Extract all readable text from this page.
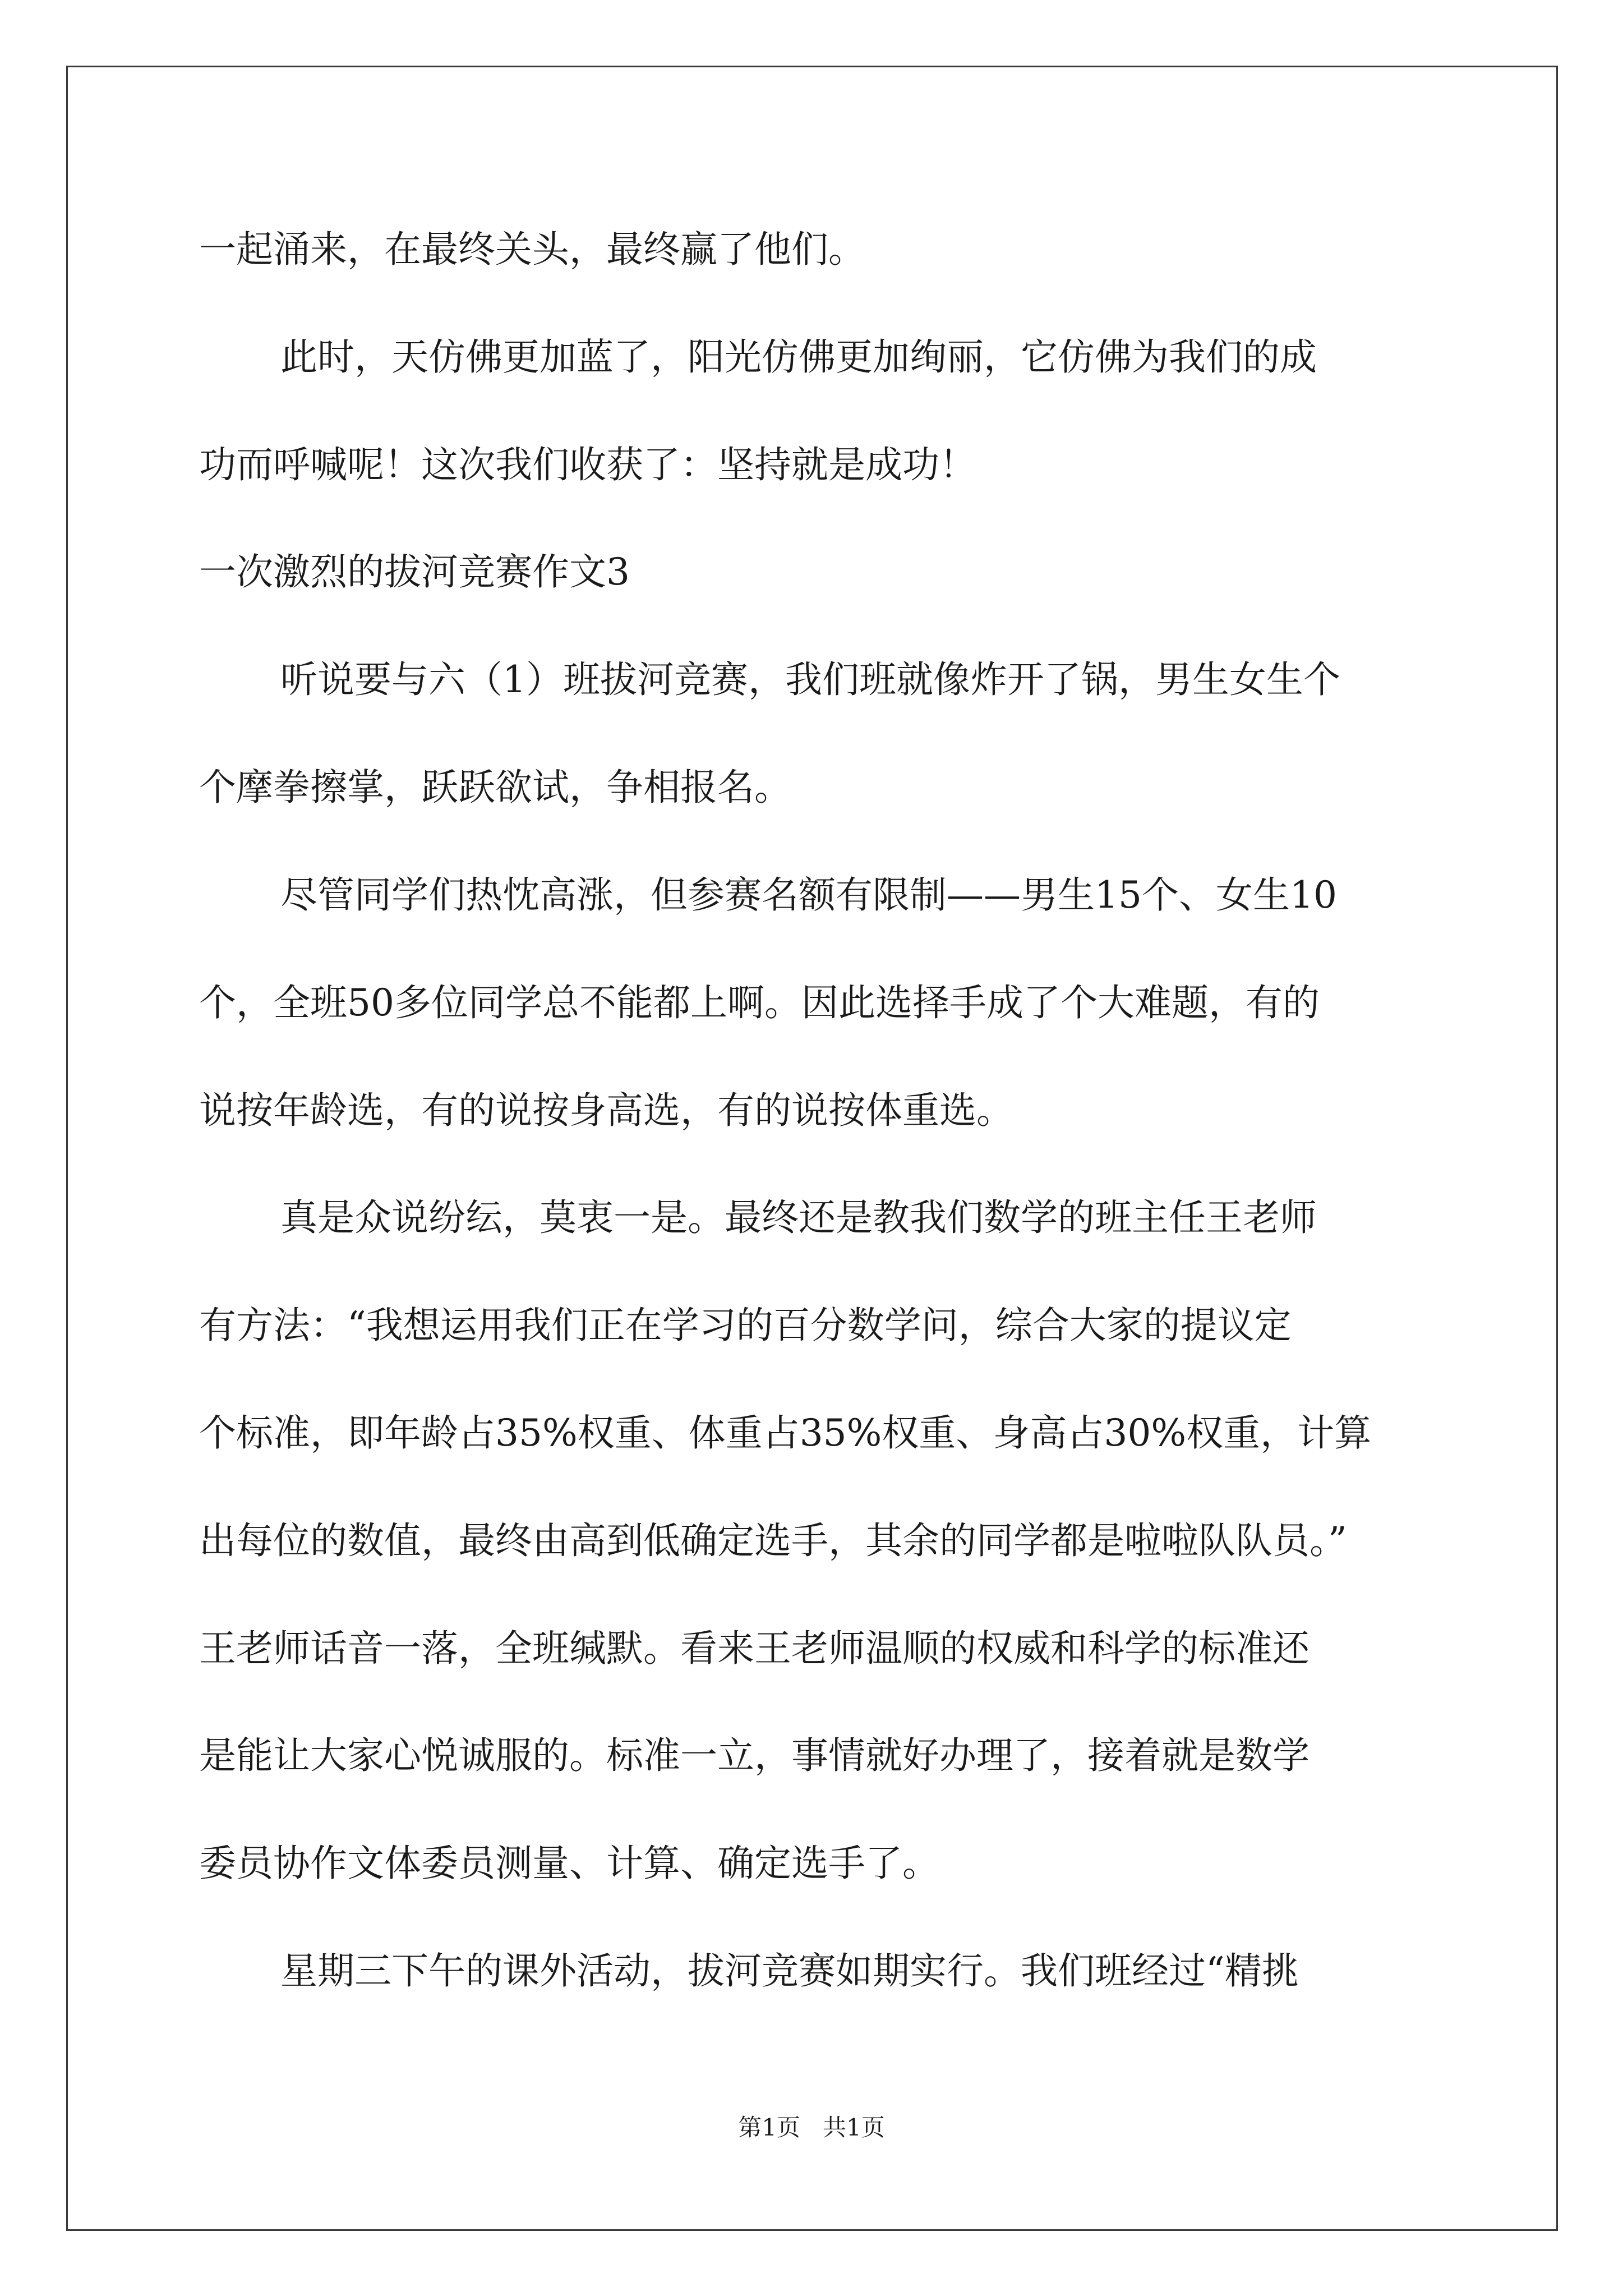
一起涌来，在最终关头，最终赢了他们。
此时，天仿佛更加蓝了，阳光仿佛更加绚丽，它仿佛为我们的成
功而呼喊呢！这次我们收获了：坚持就是成功！
一次激烈的拔河竞赛作文3
听说要与六（1）班拔河竞赛，我们班就像炸开了锅，男生女生个
个摩拳擦掌，跃跃欲试，争相报名。
尽管同学们热忱高涨，但参赛名额有限制——男生15个、女生10
个，全班50多位同学总不能都上啊。因此选择手成了个大难题，有的
说按年龄选，有的说按身高选，有的说按体重选。
真是众说纷纭，莫衷一是。最终还是教我们数学的班主任王老师
有方法：“我想运用我们正在学习的百分数学问，综合大家的提议定
个标准，即年龄占35%权重、体重占35%权重、身高占30%权重，计算
出每位的数值，最终由高到低确定选手，其余的同学都是啦啦队队员。”
王老师话音一落，全班缄默。看来王老师温顺的权威和科学的标准还
是能让大家心悦诚服的。标准一立，事情就好办理了，接着就是数学
委员协作文体委员测量、计算、确定选手了。
星期三下午的课外活动，拔河竞赛如期实行。我们班经过“精挑
第1页   共1页
